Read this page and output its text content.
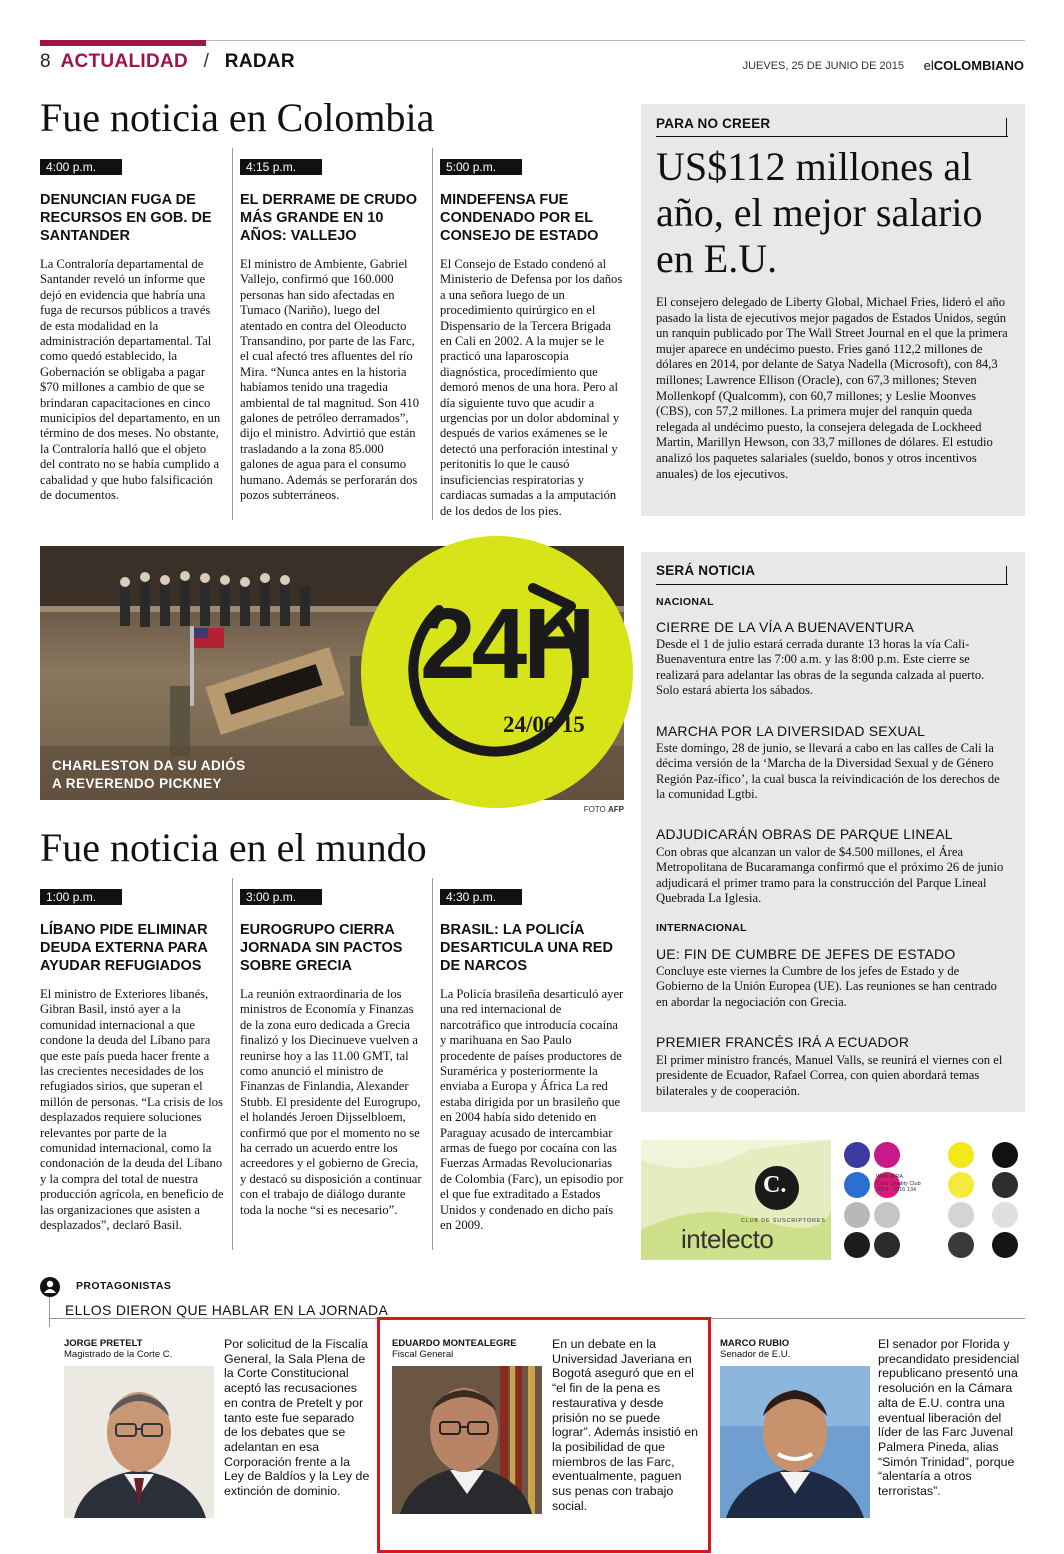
8 ACTUALIDAD / RADAR	JUEVES, 25 DE JUNIO DE 2015 elCOLOMBIANO
Fue noticia en Colombia
4:00 p.m.
DENUNCIAN FUGA DE RECURSOS EN GOB. DE SANTANDER
La Contraloría departamental de Santander reveló un informe que dejó en evidencia que habría una fuga de recursos públicos a través de esta modalidad en la administración departamental. Tal como quedó establecido, la Gobernación se obligaba a pagar $70 millones a cambio de que se brindaran capacitaciones en cinco municipios del departamento, en un término de dos meses. No obstante, la Contraloría halló que el objeto del contrato no se había cumplido a cabalidad y que hubo falsificación de documentos.
4:15 p.m.
EL DERRAME DE CRUDO MÁS GRANDE EN 10 AÑOS: VALLEJO
El ministro de Ambiente, Gabriel Vallejo, confirmó que 160.000 personas han sido afectadas en Tumaco (Nariño), luego del atentado en contra del Oleoducto Transandino, por parte de las Farc, el cual afectó tres afluentes del río Mira. “Nunca antes en la historia habíamos tenido una tragedia ambiental de tal magnitud. Son 410 galones de petróleo derramados”, dijo el ministro. Advirtió que están trasladando a la zona 85.000 galones de agua para el consumo humano. Además se perforarán dos pozos subterráneos.
5:00 p.m.
MINDEFENSA FUE CONDENADO POR EL CONSEJO DE ESTADO
El Consejo de Estado condenó al Ministerio de Defensa por los daños a una señora luego de un procedimiento quirúrgico en el Dispensario de la Tercera Brigada en Cali en 2002. A la mujer se le practicó una laparoscopia diagnóstica, procedimiento que demoró menos de una hora. Pero al día siguiente tuvo que acudir a urgencias por un dolor abdominal y después de varios exámenes se le detectó una perforación intestinal y peritonitis lo que le causó insuficiencias respiratorias y cardiacas sumadas a la amputación de los dedos de los pies.
PARA NO CREER
US$112 millones al año, el mejor salario en E.U.
El consejero delegado de Liberty Global, Michael Fries, lideró el año pasado la lista de ejecutivos mejor pagados de Estados Unidos, según un ranquin publicado por The Wall Street Journal en el que la primera mujer aparece en undécimo puesto. Fries ganó 112,2 millones de dólares en 2014, por delante de Satya Nadella (Microsoft), con 84,3 millones; Lawrence Ellison (Oracle), con 67,3 millones; Steven Mollenkopf (Qualcomm), con 60,7 millones; y Leslie Moonves (CBS), con 57,2 millones. La primera mujer del ranquin queda relegada al undécimo puesto, la consejera delegada de Lockheed Martin, Marillyn Hewson, con 33,7 millones de dólares. El estudio analizó los paquetes salariales (sueldo, bonos y otros incentivos anuales) de los ejecutivos.
24H
24/06/15
CHARLESTON DA SU ADIÓS
A REVERENDO PICKNEY
FOTO AFP
SERÁ NOTICIA
NACIONAL
CIERRE DE LA VÍA A BUENAVENTURA
Desde el 1 de julio estará cerrada durante 13 horas la vía Cali-Buenaventura entre las 7:00 a.m. y las 8:00 p.m. Este cierre se realizará para adelantar las obras de la segunda calzada al puerto. Solo estará abierta los sábados.
MARCHA POR LA DIVERSIDAD SEXUAL
Este domingo, 28 de junio, se llevará a cabo en las calles de Cali la décima versión de la ‘Marcha de la Diversidad Sexual y de Género Región Paz-ífico’, la cual busca la reivindicación de los derechos de la comunidad Lgtbi.
ADJUDICARÁN OBRAS DE PARQUE LINEAL
Con obras que alcanzan un valor de $4.500 millones, el Área Metropolitana de Bucaramanga confirmó que el próximo 26 de junio adjudicará el primer tramo para la construcción del Parque Lineal Quebrada La Iglesia.
INTERNACIONAL
UE: FIN DE CUMBRE DE JEFES DE ESTADO
Concluye este viernes la Cumbre de los jefes de Estado y de Gobierno de la Unión Europea (UE). Las reuniones se han centrado en abordar la negociación con Grecia.
PREMIER FRANCÉS IRÁ A ECUADOR
El primer ministro francés, Manuel Valls, se reunirá el viernes con el presidente de Ecuador, Rafael Correa, con quien abordará temas bilaterales y de cooperación.
Fue noticia en el mundo
1:00 p.m.
LÍBANO PIDE ELIMINAR DEUDA EXTERNA PARA AYUDAR REFUGIADOS
El ministro de Exteriores libanés, Gibran Basil, instó ayer a la comunidad internacional a que condone la deuda del Líbano para que este país pueda hacer frente a las crecientes necesidades de los refugiados sirios, que superan el millón de personas. “La crisis de los desplazados requiere soluciones relevantes por parte de la comunidad internacional, como la condonación de la deuda del Líbano y la compra del total de nuestra producción agrícola, en beneficio de las organizaciones que asisten a desplazados”, declaró Basil.
3:00 p.m.
EUROGRUPO CIERRA JORNADA SIN PACTOS SOBRE GRECIA
La reunión extraordinaria de los ministros de Economía y Finanzas de la zona euro dedicada a Grecia finalizó y los Diecinueve vuelven a reunirse hoy a las 11.00 GMT, tal como anunció el ministro de Finanzas de Finlandia, Alexander Stubb. El presidente del Eurogrupo, el holandés Jeroen Dijsselbloem, confirmó que por el momento no se ha cerrado un acuerdo entre los acreedores y el gobierno de Grecia, y destacó su disposición a continuar con el trabajo de diálogo durante toda la noche “si es necesario”.
4:30 p.m.
BRASIL: LA POLICÍA DESARTICULA UNA RED DE NARCOS
La Policía brasileña desarticuló ayer una red internacional de narcotráfico que introducía cocaína y marihuana en Sao Paulo procedente de países productores de Suramérica y posteriormente la enviaba a Europa y África La red estaba dirigida por un brasileño que en 2004 había sido detenido en Paraguay acusado de intercambiar armas de fuego por cocaína con las Fuerzas Armadas Revolucionarias de Colombia (Farc), un episodio por el que fue extraditado a Estados Unidos y condenado en dicho país en 2009.
C.
CLUB DE SUSCRIPTORES
intelecto
WAN-IFRA
Color Quality Club
2014 - 2016 134
PROTAGONISTAS
ELLOS DIERON QUE HABLAR EN LA JORNADA
JORGE PRETELT
Magistrado de la Corte C.
Por solicitud de la Fiscalía General, la Sala Plena de la Corte Constitucional aceptó las recusaciones en contra de Pretelt y por tanto este fue separado de los debates que se adelantan en esa Corporación frente a la Ley de Baldíos y la Ley de extinción de dominio.
EDUARDO MONTEALEGRE
Fiscal General
En un debate en la Universidad Javeriana en Bogotá aseguró que en el “el fin de la pena es restaurativa y desde prisión no se puede lograr”. Además insistió en la posibilidad de que miembros de las Farc, eventualmente, paguen sus penas con trabajo social.
MARCO RUBIO
Senador de E.U.
El senador por Florida y precandidato presidencial republicano presentó una resolución en la Cámara alta de E.U. contra una eventual liberación del líder de las Farc Juvenal Palmera Pineda, alias “Simón Trinidad”, porque “alentaría a otros terroristas”.
